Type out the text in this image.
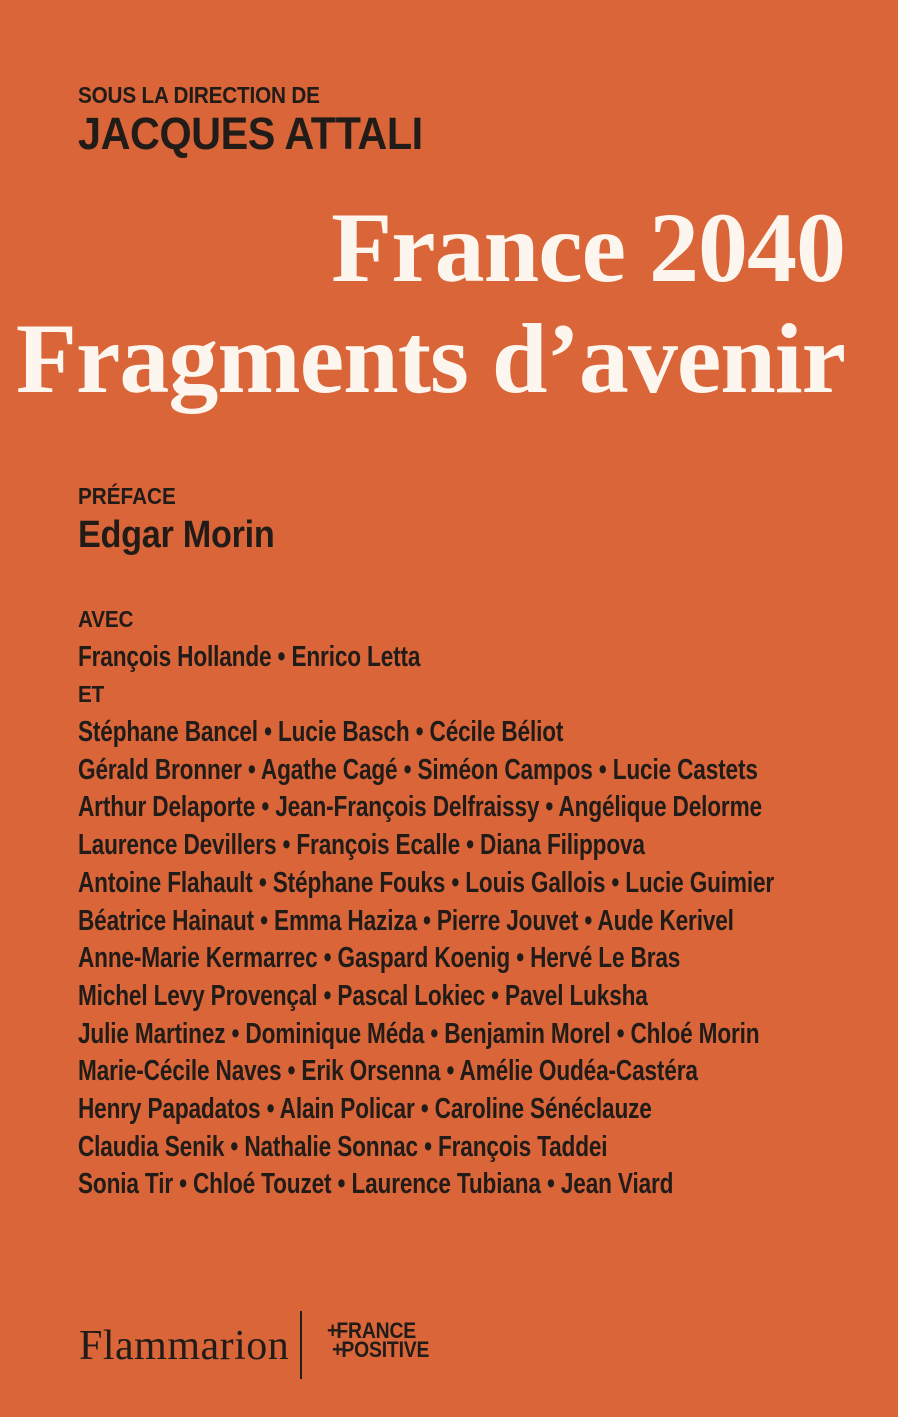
SOUS LA DIRECTION DE
JACQUES ATTALI
France 2040
Fragments d’avenir
PRÉFACE
Edgar Morin
AVEC
François Hollande • Enrico Letta
ET
Stéphane Bancel • Lucie Basch • Cécile Béliot
Gérald Bronner • Agathe Cagé • Siméon Campos • Lucie Castets
Arthur Delaporte • Jean-François Delfraissy • Angélique Delorme
Laurence Devillers • François Ecalle • Diana Filippova
Antoine Flahault • Stéphane Fouks • Louis Gallois • Lucie Guimier
Béatrice Hainaut • Emma Haziza • Pierre Jouvet • Aude Kerivel
Anne-Marie Kermarrec • Gaspard Koenig • Hervé Le Bras
Michel Levy Provençal • Pascal Lokiec • Pavel Luksha
Julie Martinez • Dominique Méda • Benjamin Morel • Chloé Morin
Marie-Cécile Naves • Erik Orsenna • Amélie Oudéa-Castéra
Henry Papadatos • Alain Policar • Caroline Sénéclauze
Claudia Senik • Nathalie Sonnac • François Taddei
Sonia Tir • Chloé Touzet • Laurence Tubiana • Jean Viard
Flammarion +FRANCE
+POSITIVE
